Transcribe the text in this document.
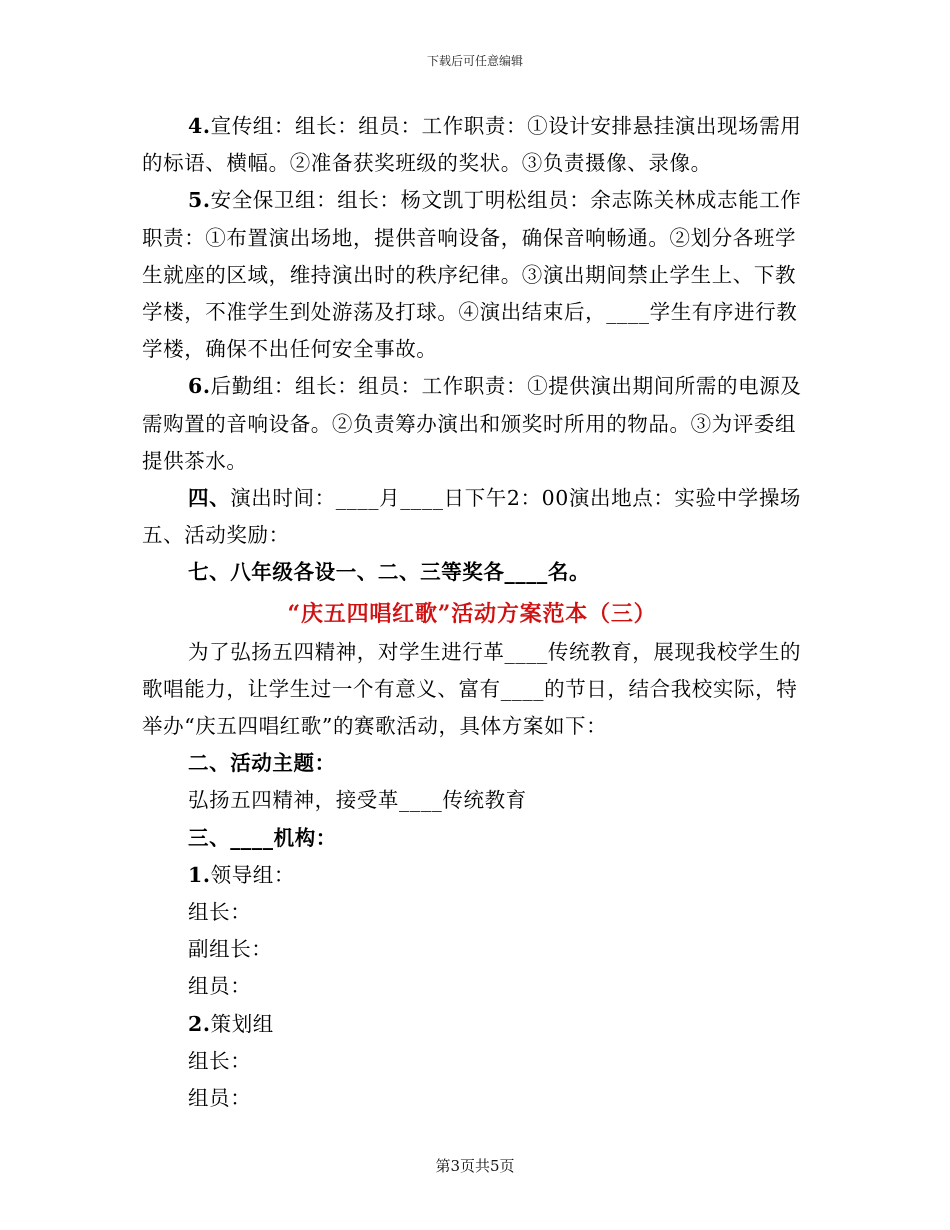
下载后可任意编辑

4.宣传组：组长：组员：工作职责：①设计安排悬挂演出现场需用的标语、横幅。②准备获奖班级的奖状。③负责摄像、录像。

5.安全保卫组：组长：杨文凯丁明松组员：余志陈关林成志能工作职责：①布置演出场地，提供音响设备，确保音响畅通。②划分各班学生就座的区域，维持演出时的秩序纪律。③演出期间禁止学生上、下教学楼，不准学生到处游荡及打球。④演出结束后，____学生有序进行教学楼，确保不出任何安全事故。

6.后勤组：组长：组员：工作职责：①提供演出期间所需的电源及需购置的音响设备。②负责筹办演出和颁奖时所用的物品。③为评委组提供茶水。

四、演出时间：____月____日下午2：00演出地点：实验中学操场五、活动奖励：

七、八年级各设一、二、三等奖各____名。

“庆五四唱红歌”活动方案范本（三）

为了弘扬五四精神，对学生进行革____传统教育，展现我校学生的歌唱能力，让学生过一个有意义、富有____的节日，结合我校实际，特举办“庆五四唱红歌”的赛歌活动，具体方案如下：

二、活动主题：

弘扬五四精神，接受革____传统教育

三、____机构：

1.领导组：

组长：

副组长：

组员：

2.策划组

组长：

组员：

第3页共5页
